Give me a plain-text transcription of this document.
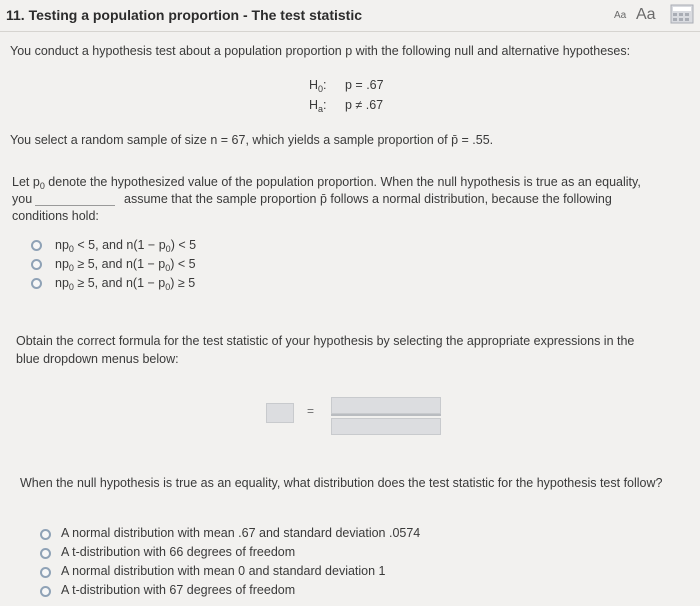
11. Testing a population proportion - The test statistic	Aa Aa
You conduct a hypothesis test about a population proportion p with the following null and alternative hypotheses:
$H_0$: p = .67
$H_a$: p ≠ .67
You select a random sample of size n = 67, which yields a sample proportion of p̄ = .55.
Let $p_0$ denote the hypothesized value of the population proportion. When the null hypothesis is true as an equality,
you	assume that the sample proportion p̄ follows a normal distribution, because the following
conditions hold:
$np_0 < 5$, and $n(1 - p_0) < 5$
$np_0 \ge 5$, and $n(1 - p_0) < 5$
$np_0 \ge 5$, and $n(1 - p_0) \ge 5$
Obtain the correct formula for the test statistic of your hypothesis by selecting the appropriate expressions in the
blue dropdown menus below:
=
When the null hypothesis is true as an equality, what distribution does the test statistic for the hypothesis test follow?
A normal distribution with mean .67 and standard deviation .0574
A t-distribution with 66 degrees of freedom
A normal distribution with mean 0 and standard deviation 1
A t-distribution with 67 degrees of freedom
